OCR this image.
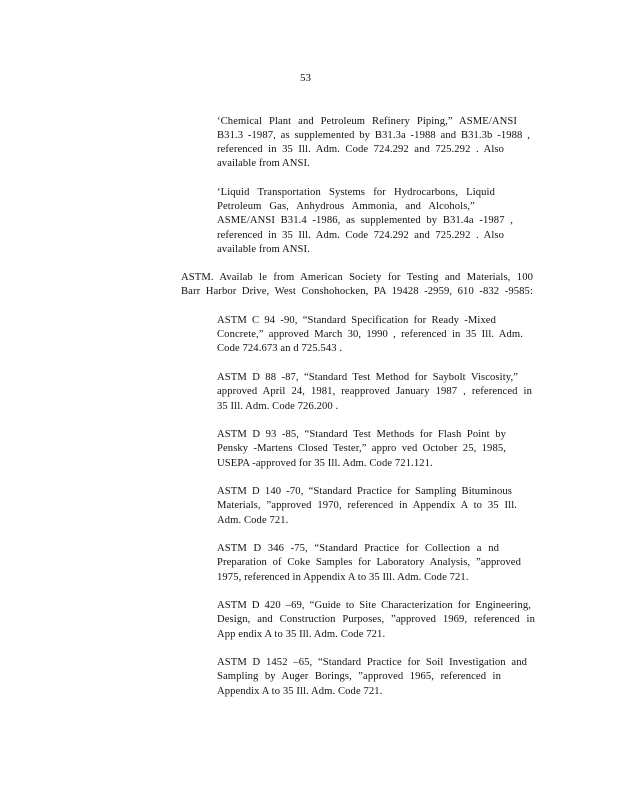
53
‘Chemical Plant and Petroleum Refinery Piping,” ASME/ANSI
B31.3 -1987, as supplemented by B31.3a -1988 and B31.3b -1988 ,
referenced in 35 Ill. Adm. Code 724.292 and 725.292 . Also
available from ANSI.
‘Liquid Transportation Systems for Hydrocarbons, Liquid
Petroleum Gas, Anhydrous Ammonia, and Alcohols,”
ASME/ANSI B31.4 -1986, as supplemented by B31.4a -1987 ,
referenced in 35 Ill. Adm. Code 724.292 and 725.292 . Also
available from ANSI.
ASTM. Availab le from American Society for Testing and Materials, 100
Barr Harbor Drive, West Conshohocken, PA 19428 -2959, 610 -832 -9585:
ASTM C 94 -90, “Standard Specification for Ready -Mixed
Concrete,” approved March 30, 1990 , referenced in 35 Ill. Adm.
Code 724.673 an d 725.543 .
ASTM D 88 -87, “Standard Test Method for Saybolt Viscosity,”
approved April 24, 1981, reapproved January 1987 , referenced in
35 Ill. Adm. Code 726.200 .
ASTM D 93 -85, “Standard Test Methods for Flash Point by
Pensky -Martens Closed Tester,” appro ved October 25, 1985,
USEPA -approved for 35 Ill. Adm. Code 721.121.
ASTM D 140 -70, “Standard Practice for Sampling Bituminous
Materials, ”approved 1970, referenced in Appendix A to 35 Ill.
Adm. Code 721.
ASTM D 346 -75, “Standard Practice for Collection a nd
Preparation of Coke Samples for Laboratory Analysis, ”approved
1975, referenced in Appendix A to 35 Ill. Adm. Code 721.
ASTM D 420 –69, “Guide to Site Characterization for Engineering,
Design, and Construction Purposes, ”approved 1969, referenced in
App endix A to 35 Ill. Adm. Code 721.
ASTM D 1452 –65, “Standard Practice for Soil Investigation and
Sampling by Auger Borings, ”approved 1965, referenced in
Appendix A to 35 Ill. Adm. Code 721.
